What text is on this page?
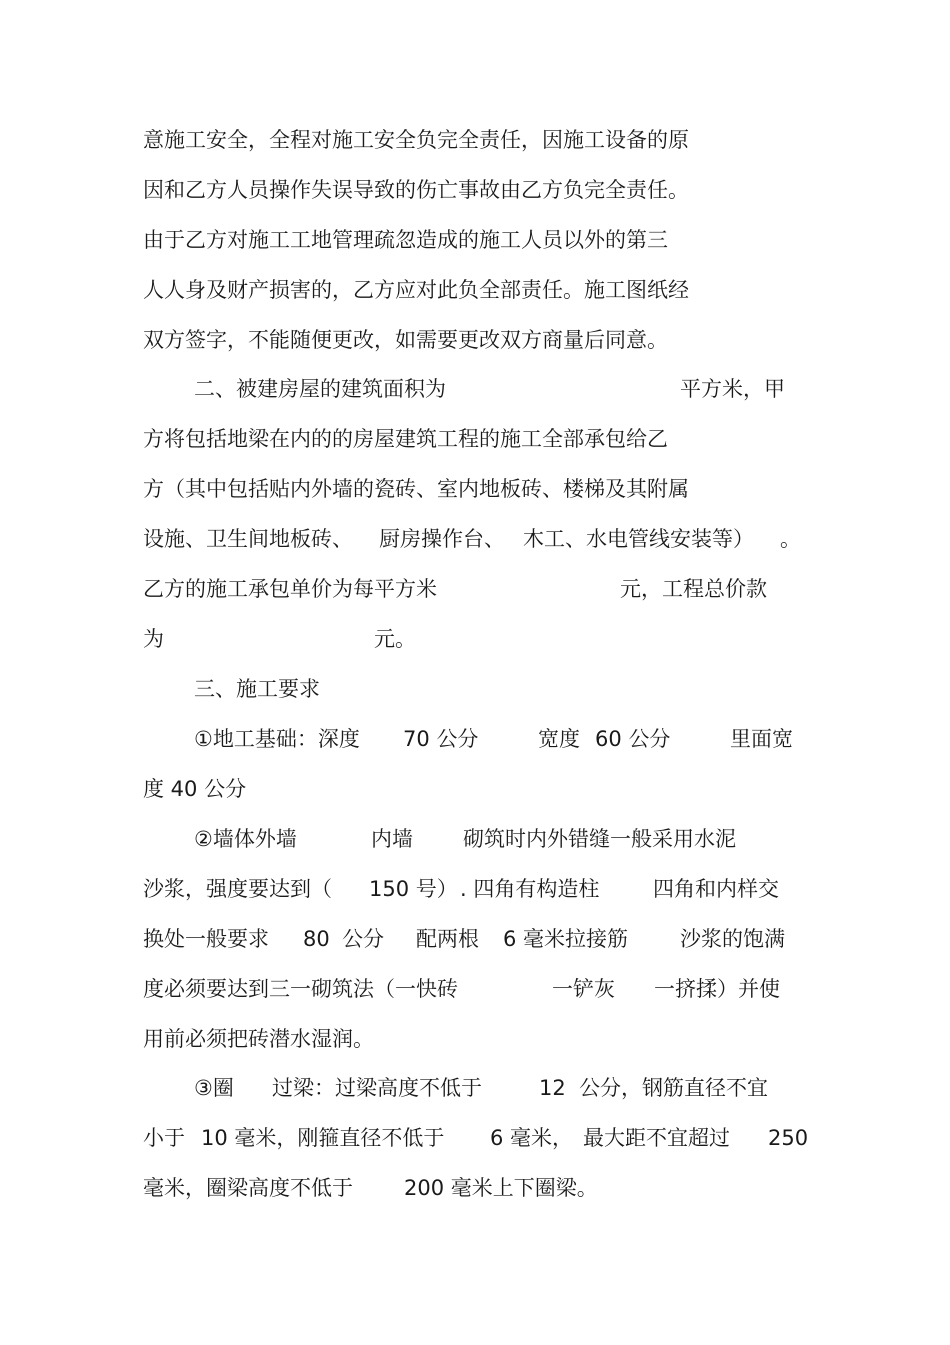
意施工安全，全程对施工安全负完全责任，因施工设备的原

因和乙方人员操作失误导致的伤亡事故由乙方负完全责任。

由于乙方对施工工地管理疏忽造成的施工人员以外的第三

人人身及财产损害的，乙方应对此负全部责任。施工图纸经

双方签字，不能随便更改，如需要更改双方商量后同意。

二、被建房屋的建筑面积为

	平方米，甲

方将包括地梁在内的的房屋建筑工程的施工全部承包给乙

方（其中包括贴内外墙的瓷砖、室内地板砖、楼梯及其附属

设施、卫生间地板砖、

厨房操作台、

木工、水电管线安装等）

。

乙方的施工承包单价为每平方米

	元，工程总价款

为

	元。

三、施工要求

①地工基础：深度

70 公分

	宽度

60 公分

	里面宽

度 40 公分

②墙体外墙

	内墙

砌筑时内外错缝一般采用水泥

沙浆，强度要达到（

150 号）

. 四角有构造柱

	四角和内样交

换处一般要求

80

公分

配两根

6 毫米拉接筋

沙浆的饱满

度必须要达到三一砌筑法（一快砖

	一铲灰

一挤揉）并使

用前必须把砖潜水湿润。

③圈

过梁：过梁高度不低于

	12

公分，钢筋直径不宜

小于

10 毫米，刚箍直径不低于

6 毫米，

最大距不宜超过

250

毫米，圈梁高度不低于

200 毫米上下圈梁。
